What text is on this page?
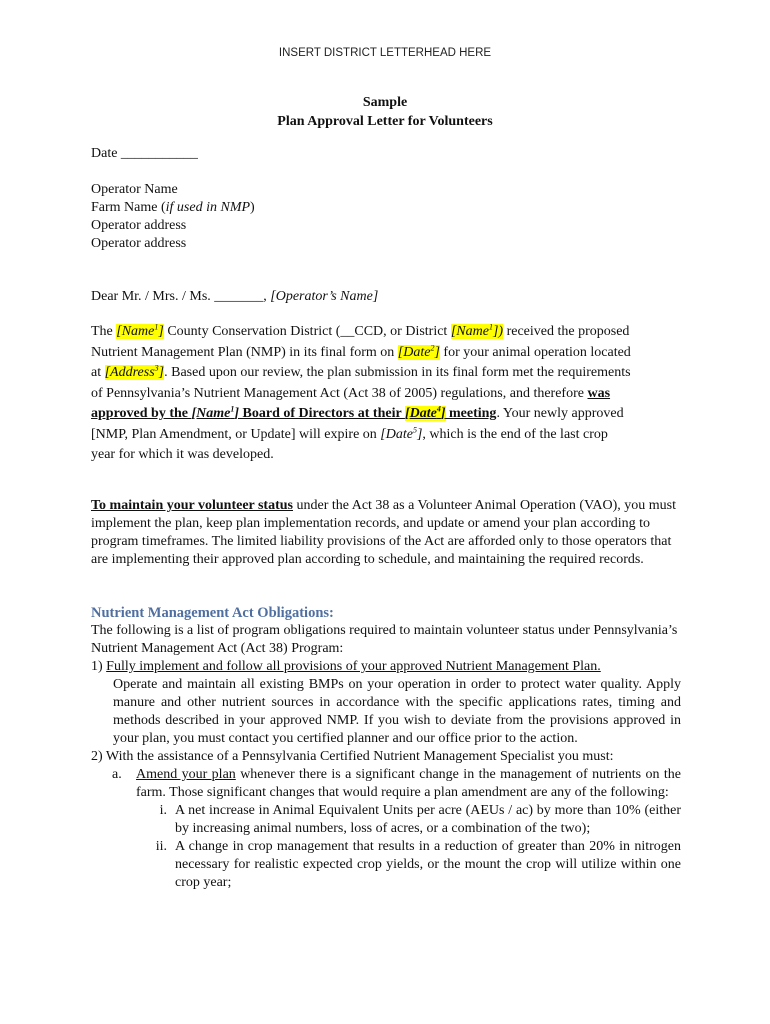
INSERT DISTRICT LETTERHEAD HERE
Sample
Plan Approval Letter for Volunteers
Date ___________
Operator Name
Farm Name (if used in NMP)
Operator address
Operator address
Dear Mr. / Mrs. / Ms. _______, [Operator’s Name]
The [Name$^1$] County Conservation District (__CCD, or District [Name$^1$]) received the proposed
Nutrient Management Plan (NMP) in its final form on [Date$^2$] for your animal operation located
at [Address$^3$]. Based upon our review, the plan submission in its final form met the requirements
of Pennsylvania’s Nutrient Management Act (Act 38 of 2005) regulations, and therefore was
approved by the [Name$^1$] Board of Directors at their [Date$^4$] meeting. Your newly approved
[NMP, Plan Amendment, or Update] will expire on [Date$^5$], which is the end of the last crop
year for which it was developed.
To maintain your volunteer status under the Act 38 as a Volunteer Animal Operation (VAO), you must implement the plan, keep plan implementation records, and update or amend your plan according to program timeframes. The limited liability provisions of the Act are afforded only to those operators that are implementing their approved plan according to schedule, and maintaining the required records.
Nutrient Management Act Obligations:
The following is a list of program obligations required to maintain volunteer status under Pennsylvania’s Nutrient Management Act (Act 38) Program:
1) Fully implement and follow all provisions of your approved Nutrient Management Plan.
Operate and maintain all existing BMPs on your operation in order to protect water quality. Apply manure and other nutrient sources in accordance with the specific applications rates, timing and methods described in your approved NMP. If you wish to deviate from the provisions approved in your plan, you must contact you certified planner and our office prior to the action.
2) With the assistance of a Pennsylvania Certified Nutrient Management Specialist you must:
a. Amend your plan whenever there is a significant change in the management of nutrients on the farm. Those significant changes that would require a plan amendment are any of the following:
i. A net increase in Animal Equivalent Units per acre (AEUs / ac) by more than 10% (either by increasing animal numbers, loss of acres, or a combination of the two);
ii. A change in crop management that results in a reduction of greater than 20% in nitrogen necessary for realistic expected crop yields, or the mount the crop will utilize within one crop year;
